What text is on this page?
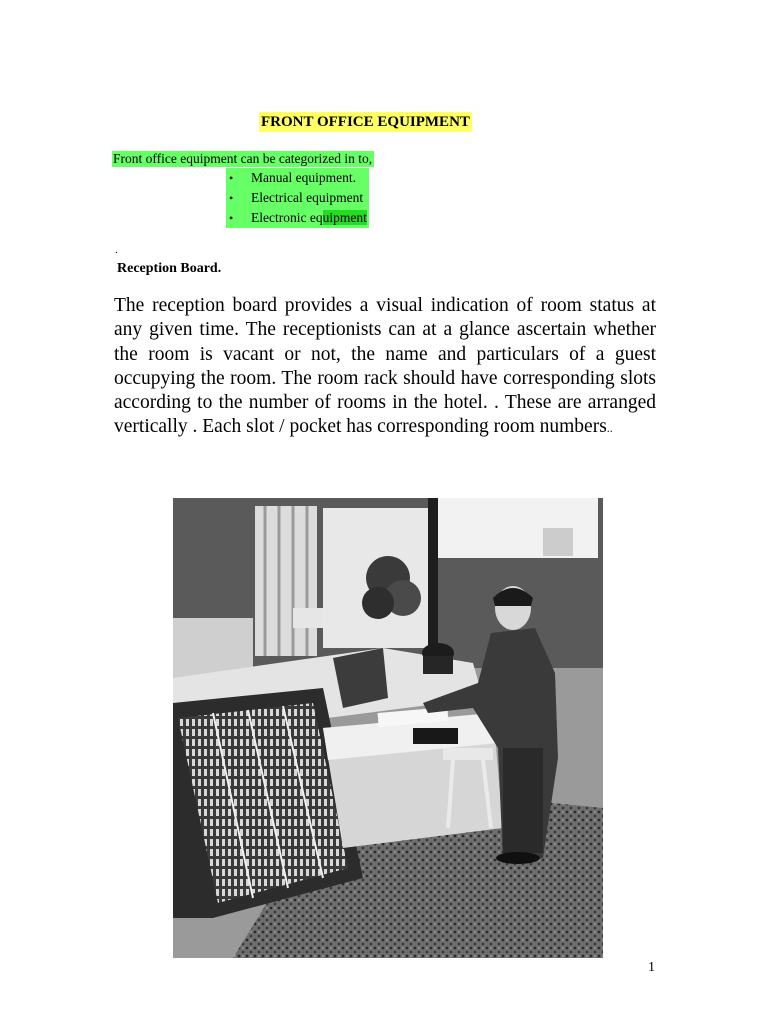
FRONT OFFICE EQUIPMENT
Front office equipment can be categorized in to,
• Manual equipment.
• Electrical equipment
• Electronic equipment
.
Reception Board.

The reception board provides a visual indication of room status at any given time. The receptionists can at a glance ascertain whether the room is vacant or not, the name and particulars of a guest occupying the room. The room rack should have corresponding slots according to the number of rooms in the hotel. . These are arranged vertically . Each slot / pocket has corresponding room numbers..

1
